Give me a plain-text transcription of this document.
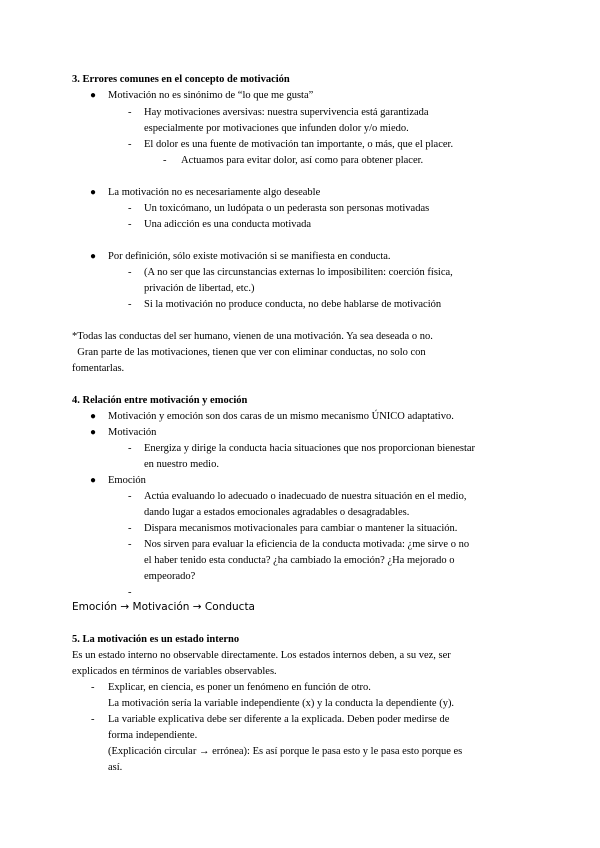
3. Errores comunes en el concepto de motivación
● Motivación no es sinónimo de “lo que me gusta”
- Hay motivaciones aversivas: nuestra supervivencia está garantizada
especialmente por motivaciones que infunden dolor y/o miedo.
- El dolor es una fuente de motivación tan importante, o más, que el placer.
- Actuamos para evitar dolor, así como para obtener placer.
● La motivación no es necesariamente algo deseable
- Un toxicómano, un ludópata o un pederasta son personas motivadas
- Una adicción es una conducta motivada
● Por definición, sólo existe motivación si se manifiesta en conducta.
- (A no ser que las circunstancias externas lo imposibiliten: coerción física,
privación de libertad, etc.)
- Si la motivación no produce conducta, no debe hablarse de motivación
*Todas las conductas del ser humano, vienen de una motivación. Ya sea deseada o no.
Gran parte de las motivaciones, tienen que ver con eliminar conductas, no solo con
fomentarlas.
4. Relación entre motivación y emoción
● Motivación y emoción son dos caras de un mismo mecanismo ÚNICO adaptativo.
● Motivación
- Energiza y dirige la conducta hacia situaciones que nos proporcionan bienestar
en nuestro medio.
● Emoción
- Actúa evaluando lo adecuado o inadecuado de nuestra situación en el medio,
dando lugar a estados emocionales agradables o desagradables.
- Dispara mecanismos motivacionales para cambiar o mantener la situación.
- Nos sirven para evaluar la eficiencia de la conducta motivada: ¿me sirve o no
el haber tenido esta conducta? ¿ha cambiado la emoción? ¿Ha mejorado o
empeorado?
-
Emoción → Motivación → Conducta
5. La motivación es un estado interno
Es un estado interno no observable directamente. Los estados internos deben, a su vez, ser
explicados en términos de variables observables.
- Explicar, en ciencia, es poner un fenómeno en función de otro.
La motivación sería la variable independiente (x) y la conducta la dependiente (y).
- La variable explicativa debe ser diferente a la explicada. Deben poder medirse de
forma independiente.
(Explicación circular → errónea): Es así porque le pasa esto y le pasa esto porque es
así.
